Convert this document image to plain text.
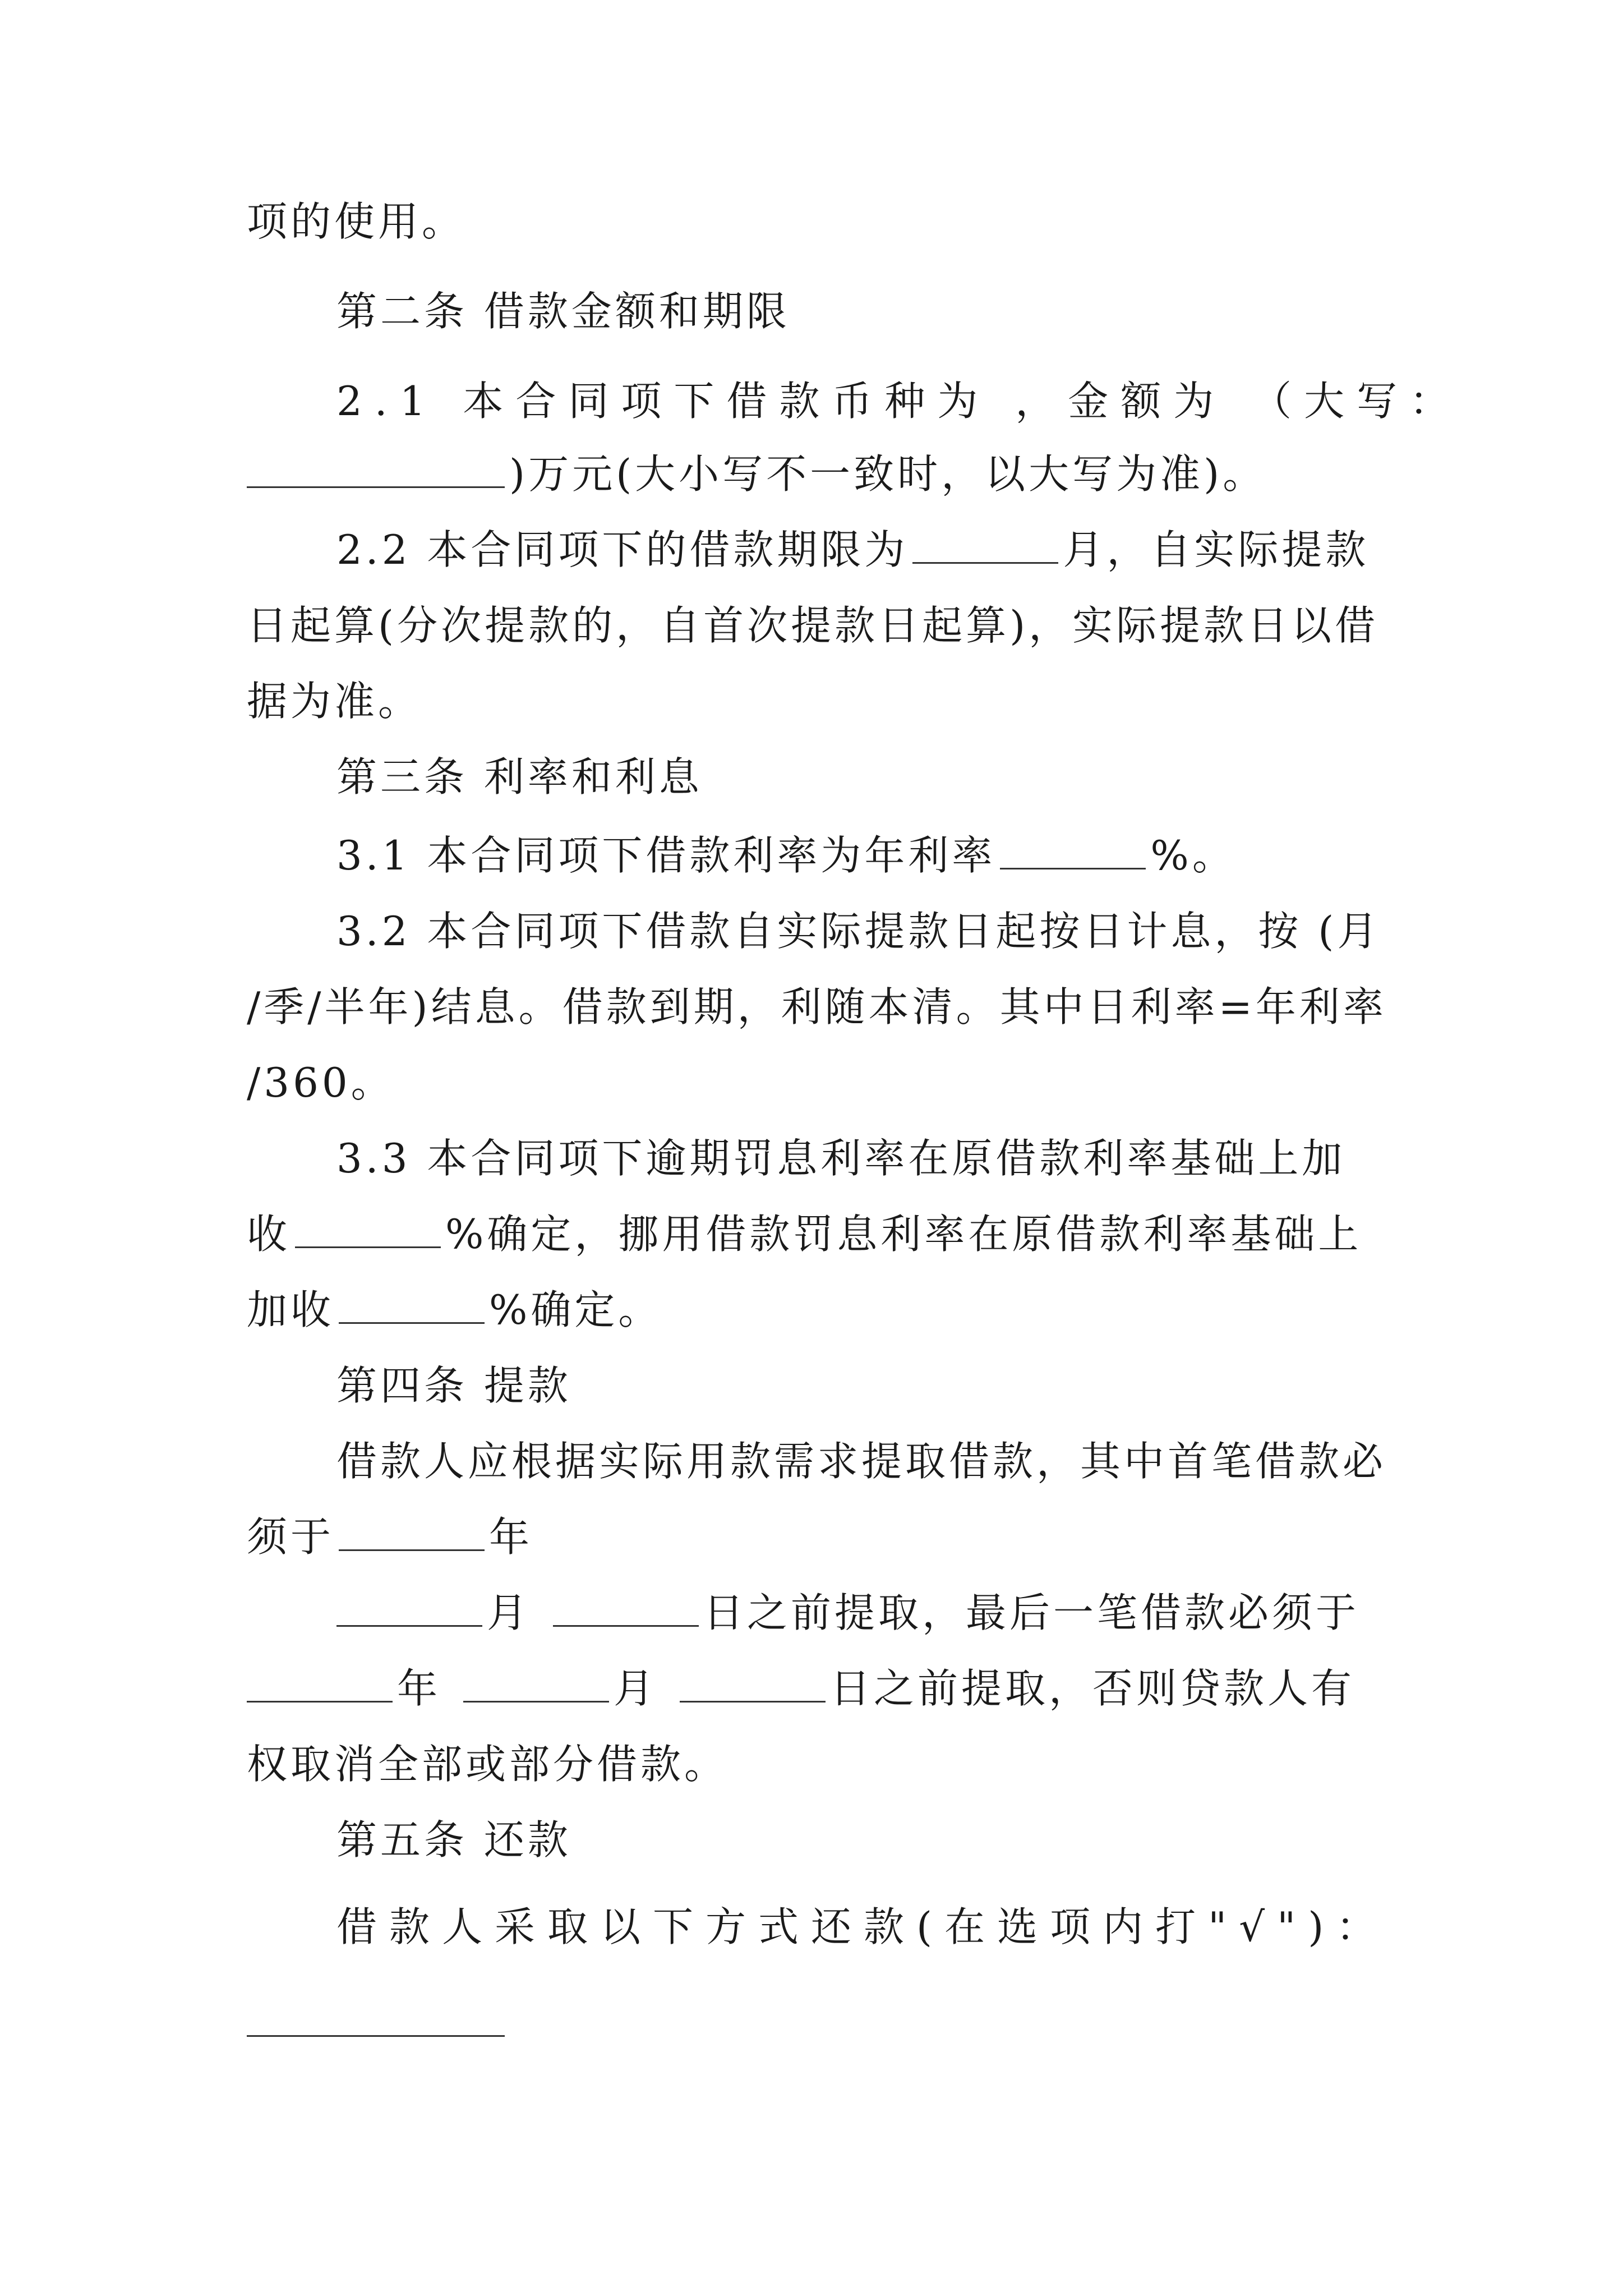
项的使用。
第二条 借款金额和期限
2.1 本合同项下借款币种为 ，金额为 （大写：
)万元(大小写不一致时，以大写为准)。
2.2 本合同项下的借款期限为	月，自实际提款
日起算(分次提款的，自首次提款日起算)，实际提款日以借
据为准。
第三条 利率和利息
3.1 本合同项下借款利率为年利率	%。
3.2 本合同项下借款自实际提款日起按日计息，按 (月
/季/半年)结息。借款到期，利随本清。其中日利率=年利率
/360。
3.3 本合同项下逾期罚息利率在原借款利率基础上加
收	%确定，挪用借款罚息利率在原借款利率基础上
加收	%确定。
第四条 提款
借款人应根据实际用款需求提取借款，其中首笔借款必
须于	年
月	日之前提取，最后一笔借款必须于
年	月	日之前提取，否则贷款人有
权取消全部或部分借款。
第五条 还款
借款人采取以下方式还款(在选项内打"√")：
